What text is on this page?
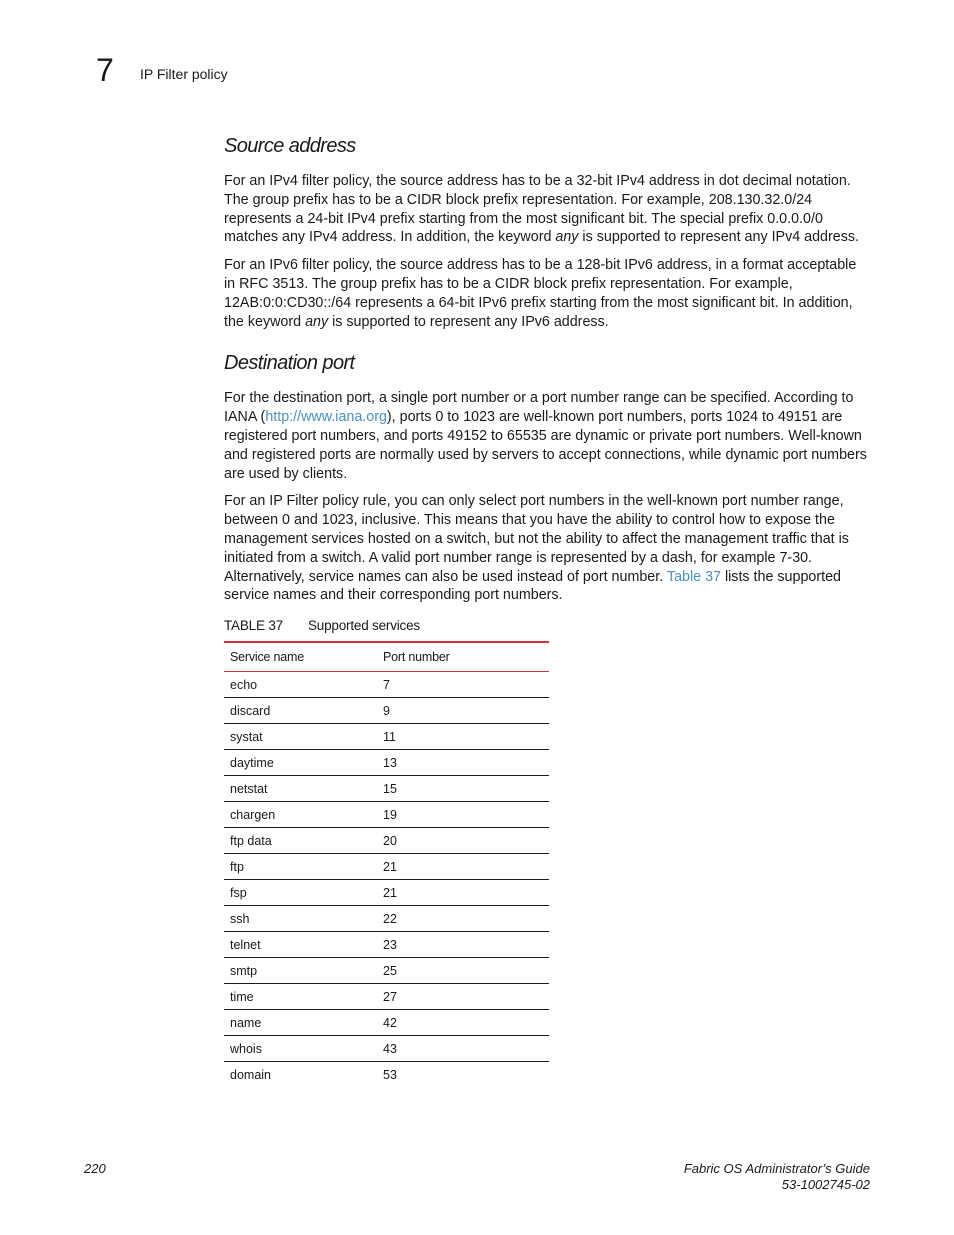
7 IP Filter policy
Source address

For an IPv4 filter policy, the source address has to be a 32-bit IPv4 address in dot decimal notation. The group prefix has to be a CIDR block prefix representation. For example, 208.130.32.0/24 represents a 24-bit IPv4 prefix starting from the most significant bit. The special prefix 0.0.0.0/0 matches any IPv4 address. In addition, the keyword any is supported to represent any IPv4 address.

For an IPv6 filter policy, the source address has to be a 128-bit IPv6 address, in a format acceptable in RFC 3513. The group prefix has to be a CIDR block prefix representation. For example, 12AB:0:0:CD30::/64 represents a 64-bit IPv6 prefix starting from the most significant bit. In addition, the keyword any is supported to represent any IPv6 address.

Destination port

For the destination port, a single port number or a port number range can be specified. According to IANA (http://www.iana.org), ports 0 to 1023 are well-known port numbers, ports 1024 to 49151 are registered port numbers, and ports 49152 to 65535 are dynamic or private port numbers. Well-known and registered ports are normally used by servers to accept connections, while dynamic port numbers are used by clients.

For an IP Filter policy rule, you can only select port numbers in the well-known port number range, between 0 and 1023, inclusive. This means that you have the ability to control how to expose the management services hosted on a switch, but not the ability to affect the management traffic that is initiated from a switch. A valid port number range is represented by a dash, for example 7-30. Alternatively, service names can also be used instead of port number. Table 37 lists the supported service names and their corresponding port numbers.

TABLE 37 Supported services
Service name	Port number
echo	7
discard	9
systat	11
daytime	13
netstat	15
chargen	19
ftp data	20
ftp	21
fsp	21
ssh	22
telnet	23
smtp	25
time	27
name	42
whois	43
domain	53
220	Fabric OS Administrator’s Guide
53-1002745-02
